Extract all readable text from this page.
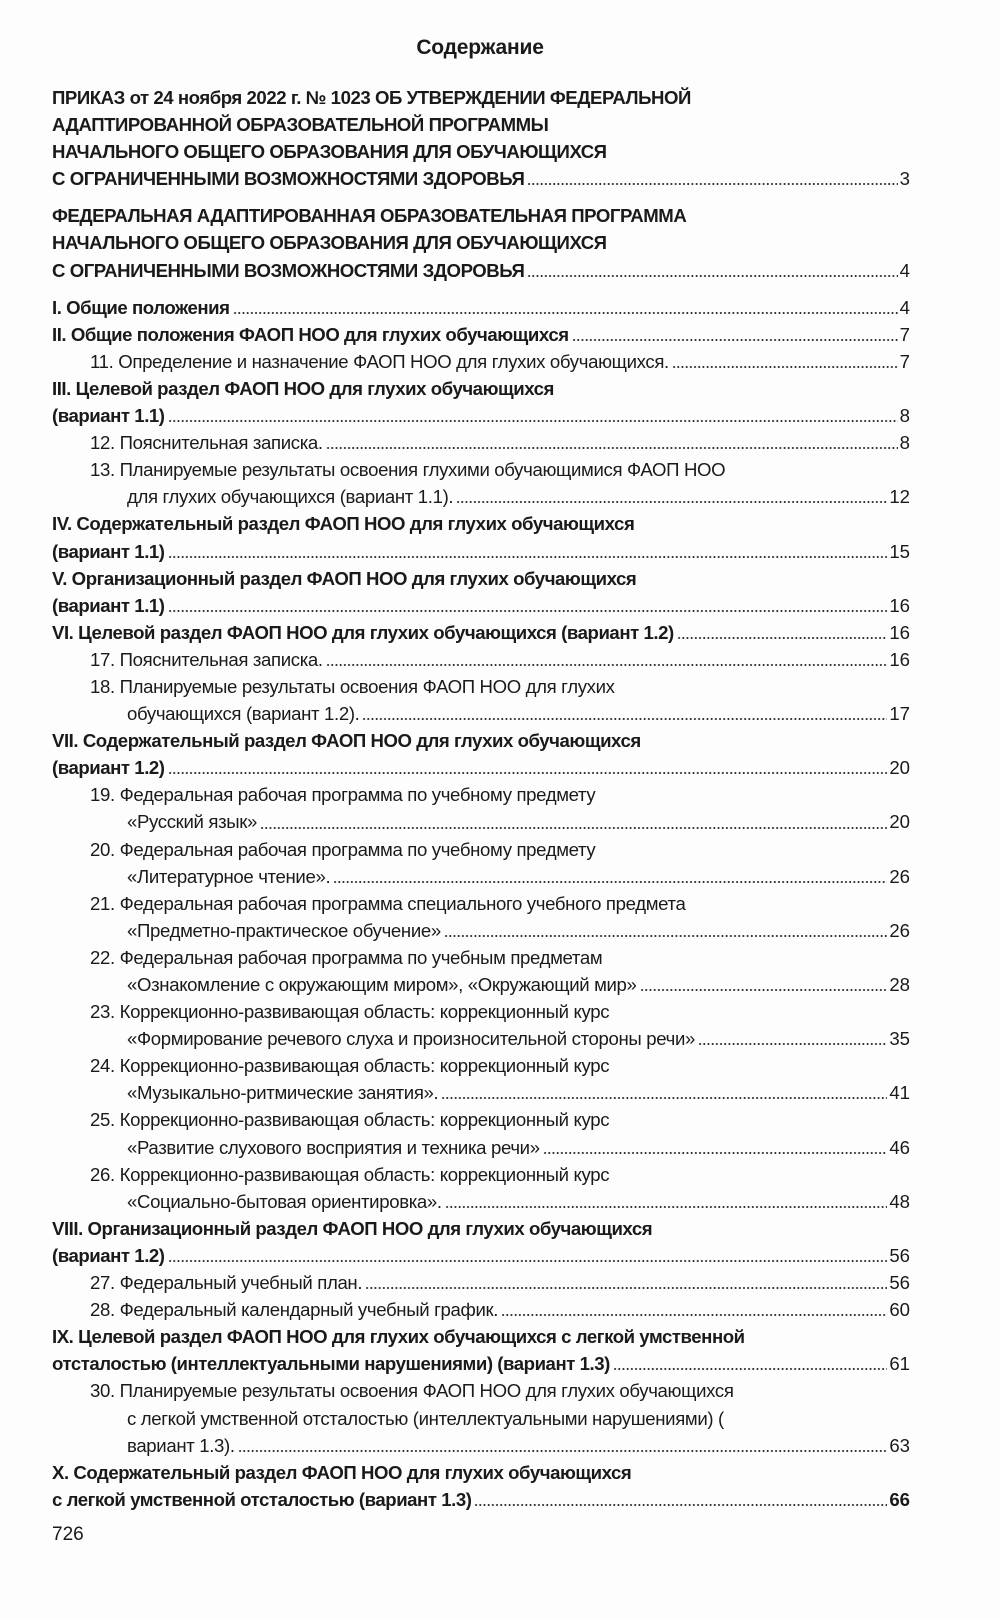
Содержание
ПРИКАЗ от 24 ноября 2022 г. № 1023 ОБ УТВЕРЖДЕНИИ ФЕДЕРАЛЬНОЙ
АДАПТИРОВАННОЙ ОБРАЗОВАТЕЛЬНОЙ ПРОГРАММЫ
НАЧАЛЬНОГО ОБЩЕГО ОБРАЗОВАНИЯ ДЛЯ ОБУЧАЮЩИХСЯ
С ОГРАНИЧЕННЫМИ ВОЗМОЖНОСТЯМИ ЗДОРОВЬЯ	3
ФЕДЕРАЛЬНАЯ АДАПТИРОВАННАЯ ОБРАЗОВАТЕЛЬНАЯ ПРОГРАММА
НАЧАЛЬНОГО ОБЩЕГО ОБРАЗОВАНИЯ ДЛЯ ОБУЧАЮЩИХСЯ
С ОГРАНИЧЕННЫМИ ВОЗМОЖНОСТЯМИ ЗДОРОВЬЯ	4
I. Общие положения	4
II. Общие положения ФАОП НОО для глухих обучающихся	7
11. Определение и назначение ФАОП НОО для глухих обучающихся.	7
III. Целевой раздел ФАОП НОО для глухих обучающихся
(вариант 1.1)	8
12. Пояснительная записка.	8
13. Планируемые результаты освоения глухими обучающимися ФАОП НОО
для глухих обучающихся (вариант 1.1).	12
IV. Содержательный раздел ФАОП НОО для глухих обучающихся
(вариант 1.1)	15
V. Организационный раздел ФАОП НОО для глухих обучающихся
(вариант 1.1)	16
VI. Целевой раздел ФАОП НОО для глухих обучающихся (вариант 1.2)	16
17. Пояснительная записка.	16
18. Планируемые результаты освоения ФАОП НОО для глухих
обучающихся (вариант 1.2).	17
VII. Содержательный раздел ФАОП НОО для глухих обучающихся
(вариант 1.2)	20
19. Федеральная рабочая программа по учебному предмету
«Русский язык»	20
20. Федеральная рабочая программа по учебному предмету
«Литературное чтение».	26
21. Федеральная рабочая программа специального учебного предмета
«Предметно-практическое обучение»	26
22. Федеральная рабочая программа по учебным предметам
«Ознакомление с окружающим миром», «Окружающий мир»	28
23. Коррекционно-развивающая область: коррекционный курс
«Формирование речевого слуха и произносительной стороны речи»	35
24. Коррекционно-развивающая область: коррекционный курс
«Музыкально-ритмические занятия».	41
25. Коррекционно-развивающая область: коррекционный курс
«Развитие слухового восприятия и техника речи»	46
26. Коррекционно-развивающая область: коррекционный курс
«Социально-бытовая ориентировка».	48
VIII. Организационный раздел ФАОП НОО для глухих обучающихся
(вариант 1.2)	56
27. Федеральный учебный план.	56
28. Федеральный календарный учебный график.	60
IX. Целевой раздел ФАОП НОО для глухих обучающихся с легкой умственной
отсталостью (интеллектуальными нарушениями) (вариант 1.3)	61
30. Планируемые результаты освоения ФАОП НОО для глухих обучающихся
с легкой умственной отсталостью (интеллектуальными нарушениями) (
вариант 1.3).	63
X. Содержательный раздел ФАОП НОО для глухих обучающихся
с легкой умственной отсталостью (вариант 1.3)	66
726
